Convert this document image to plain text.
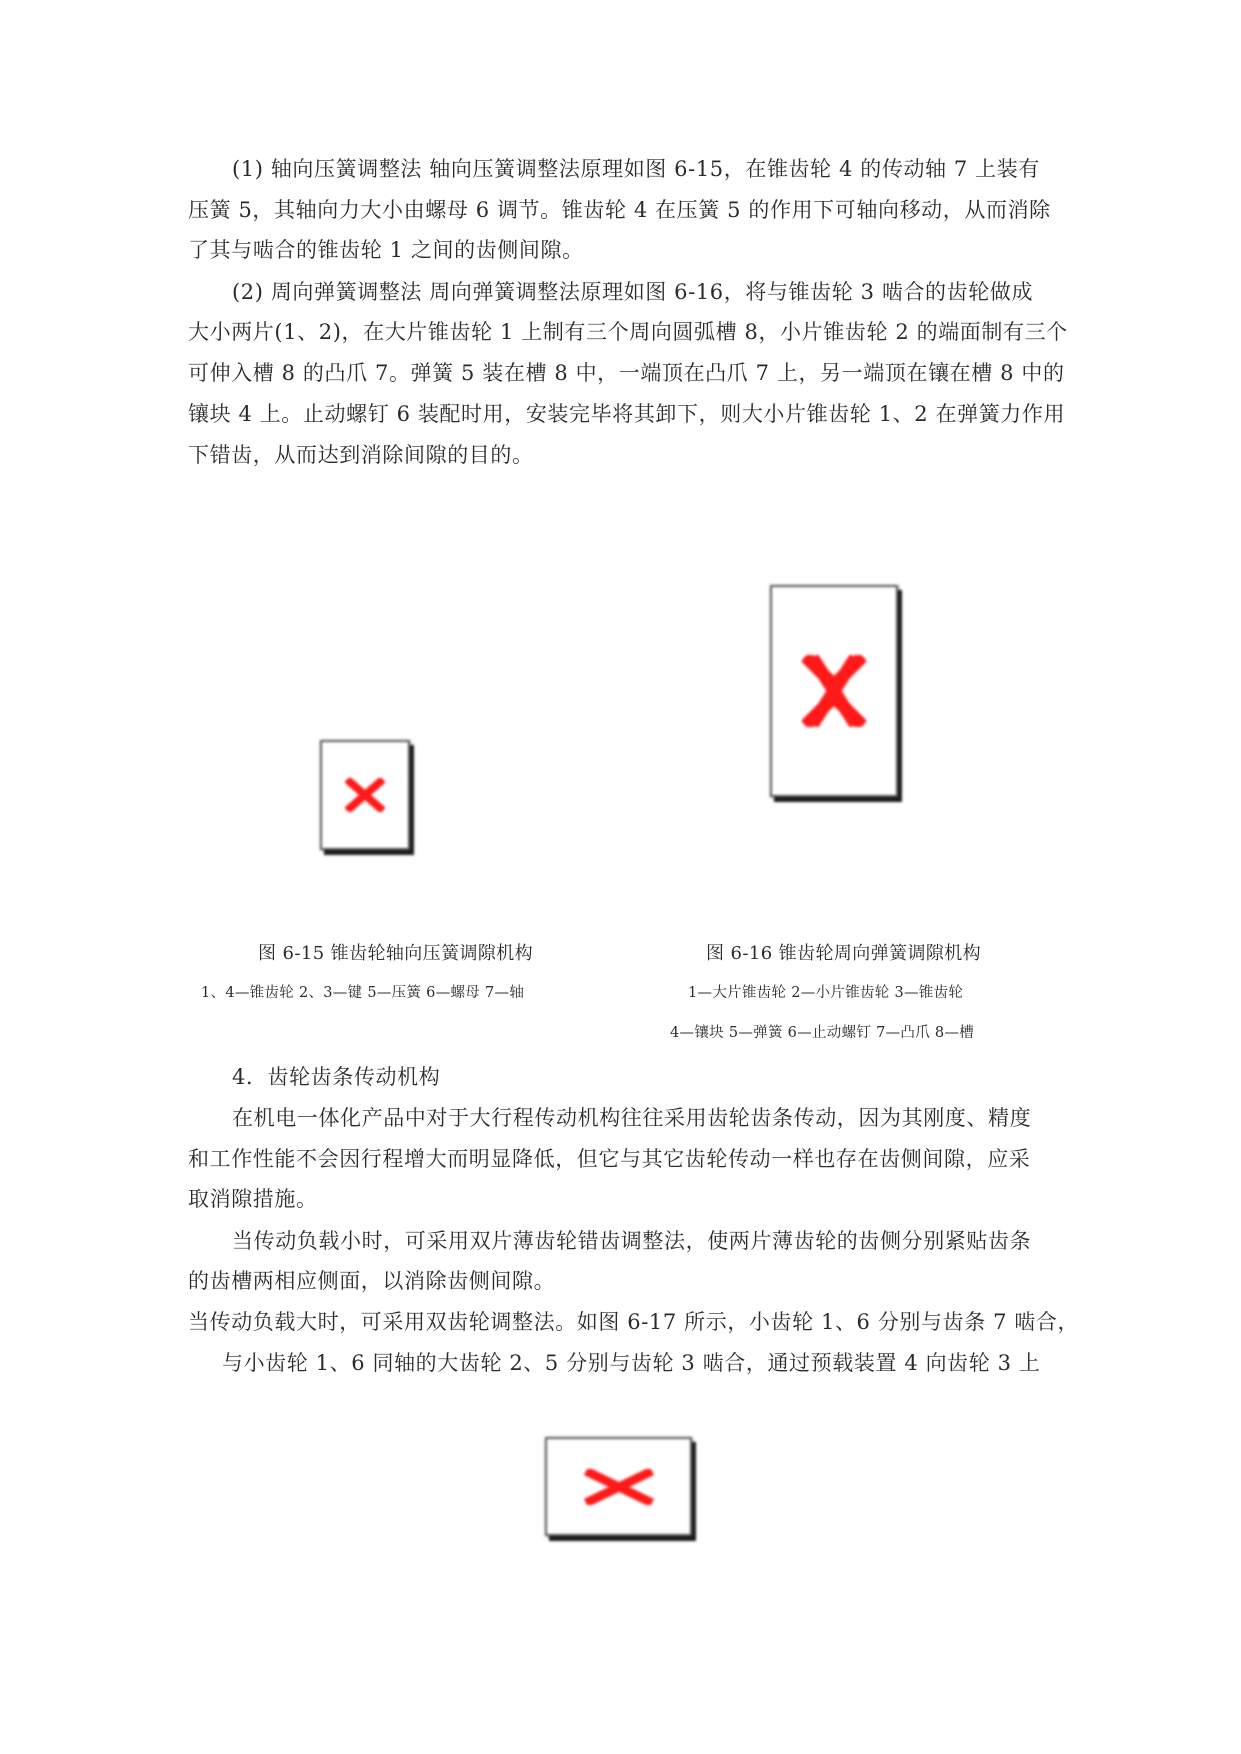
(1) 轴向压簧调整法 轴向压簧调整法原理如图 6-15，在锥齿轮 4 的传动轴 7 上装有
压簧 5，其轴向力大小由螺母 6 调节。锥齿轮 4 在压簧 5 的作用下可轴向移动，从而消除
了其与啮合的锥齿轮 1 之间的齿侧间隙。
(2) 周向弹簧调整法 周向弹簧调整法原理如图 6-16，将与锥齿轮 3 啮合的齿轮做成
大小两片(1、2)，在大片锥齿轮 1 上制有三个周向圆弧槽 8，小片锥齿轮 2 的端面制有三个
可伸入槽 8 的凸爪 7。弹簧 5 装在槽 8 中，一端顶在凸爪 7 上，另一端顶在镶在槽 8 中的
镶块 4 上。止动螺钉 6 装配时用，安装完毕将其卸下，则大小片锥齿轮 1、2 在弹簧力作用
下错齿，从而达到消除间隙的目的。
图 6-15 锥齿轮轴向压簧调隙机构
1、4—锥齿轮 2、3—键 5—压簧 6—螺母 7—轴
图 6-16 锥齿轮周向弹簧调隙机构
1—大片锥齿轮 2—小片锥齿轮 3—锥齿轮
4—镶块 5—弹簧 6—止动螺钉 7—凸爪 8—槽
4．齿轮齿条传动机构
在机电一体化产品中对于大行程传动机构往往采用齿轮齿条传动，因为其刚度、精度
和工作性能不会因行程增大而明显降低，但它与其它齿轮传动一样也存在齿侧间隙，应采
取消隙措施。
当传动负载小时，可采用双片薄齿轮错齿调整法，使两片薄齿轮的齿侧分别紧贴齿条
的齿槽两相应侧面，以消除齿侧间隙。
当传动负载大时，可采用双齿轮调整法。如图 6-17 所示，小齿轮 1、6 分别与齿条 7 啮合，
与小齿轮 1、6 同轴的大齿轮 2、5 分别与齿轮 3 啮合，通过预载装置 4 向齿轮 3 上
